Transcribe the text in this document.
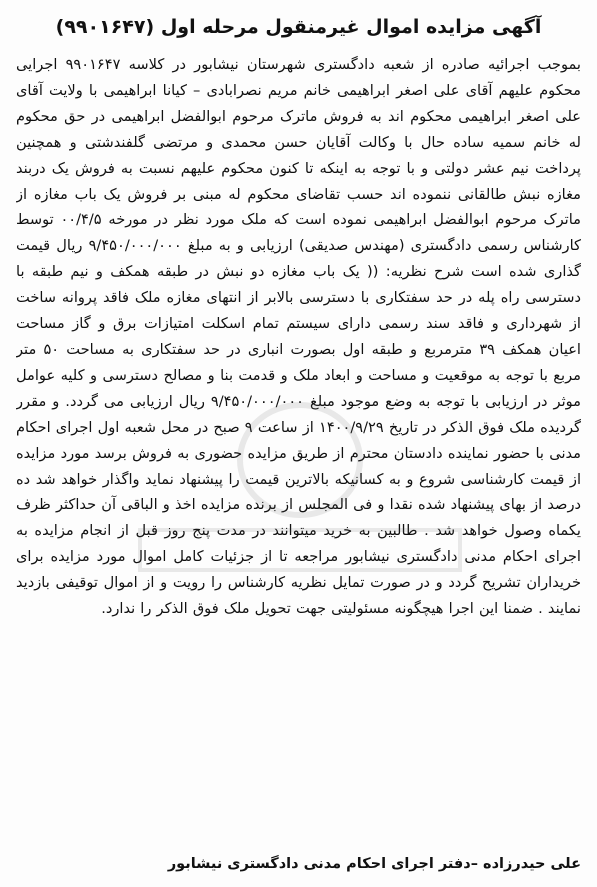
آگهی مزایده اموال غیرمنقول مرحله اول (۹۹۰۱۶۴۷)
بموجب اجرائیه صادره از شعبه دادگستری شهرستان نیشابور در کلاسه ۹۹۰۱۶۴۷ اجرایی محکوم علیهم آقای علی اصغر ابراهیمی خانم مریم نصرابادی – کیانا ابراهیمی با ولایت آقای علی اصغر ابراهیمی محکوم اند به فروش ماترک مرحوم ابوالفضل ابراهیمی در حق محکوم له خانم سمیه ساده حال با وکالت آقایان حسن محمدی و مرتضی گلفندشتی و همچنین پرداخت نیم عشر دولتی و با توجه به اینکه تا کنون محکوم علیهم نسبت به فروش یک دربند مغازه نبش طالقانی ننموده اند حسب تقاضای محکوم له مبنی بر فروش یک باب مغازه از ماترک مرحوم ابوالفضل ابراهیمی نموده است که ملک مورد نظر در مورخه ۰۰/۴/۵ توسط کارشناس رسمی دادگستری (مهندس صدیقی) ارزیابی و به مبلغ ۹/۴۵۰/۰۰۰/۰۰۰ ریال قیمت گذاری شده است شرح نظریه: (( یک باب مغازه دو نبش در طبقه همکف و نیم طبقه با دسترسی راه پله در حد سفتکاری با دسترسی بالابر از انتهای مغازه ملک فاقد پروانه ساخت از شهرداری و فاقد سند رسمی دارای سیستم تمام اسکلت امتیازات برق و گاز مساحت اعیان همکف ۳۹ مترمربع و طبقه اول بصورت انباری در حد سفتکاری به مساحت ۵۰ متر مربع با توجه به موقعیت و مساحت و ابعاد ملک و قدمت بنا و مصالح دسترسی و کلیه عوامل موثر در ارزیابی با توجه به وضع موجود مبلغ ۹/۴۵۰/۰۰۰/۰۰۰ ریال ارزیابی می گردد. و مقرر گردیده ملک فوق الذکر در تاریخ ۱۴۰۰/۹/۲۹ از ساعت ۹ صبح در محل شعبه اول اجرای احکام مدنی با حضور نماینده دادستان محترم از طریق مزایده حضوری به فروش برسد مورد مزایده از قیمت کارشناسی شروع و به کسانیکه بالاترین قیمت را پیشنهاد نماید واگذار خواهد شد ده درصد از بهای پیشنهاد شده نقدا و فی المجلس از برنده مزایده اخذ و الباقی آن حداکثر ظرف یکماه وصول خواهد شد . طالبین به خرید میتوانند در مدت پنج روز قبل از انجام مزایده به اجرای احکام مدنی دادگستری نیشابور مراجعه تا از جزئیات کامل اموال مورد مزایده برای خریداران تشریح گردد و در صورت تمایل نظریه کارشناس را رویت و از اموال توقیفی بازدید نمایند . ضمنا این اجرا هیچگونه مسئولیتی جهت تحویل ملک فوق الذکر را ندارد.
علی حیدرزاده –دفتر اجرای احکام مدنی دادگستری نیشابور
